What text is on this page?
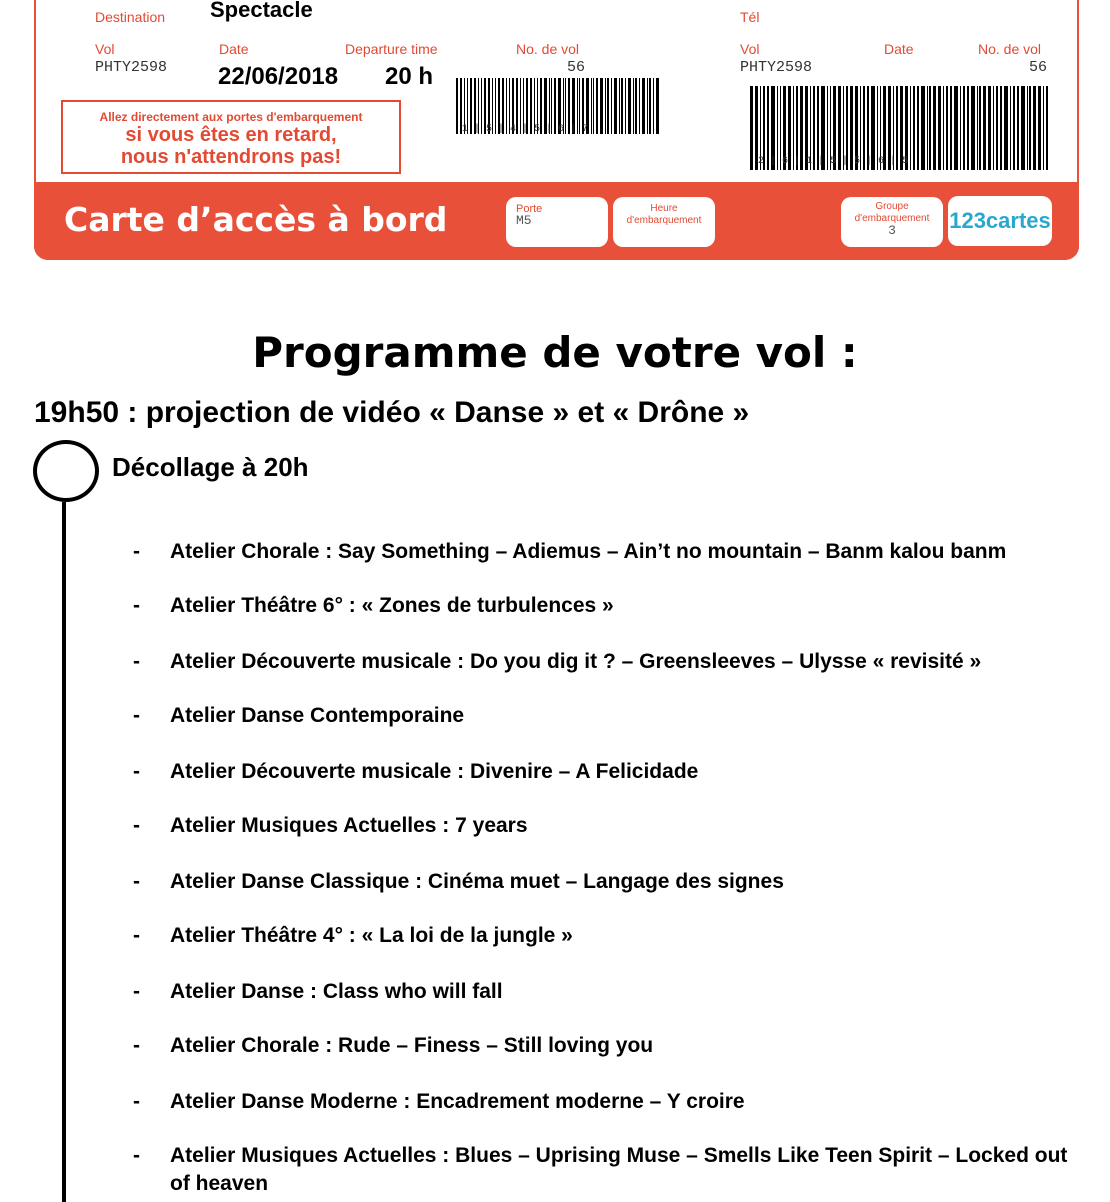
Destination Spectacle	Tél
Vol
PHTY2598
Date
22/06/2018
Departure time
20 h
No. de vol
56
1 | 5 | 4 | 5 | 6 | 7
Vol
PHTY2598
Date	No. de vol
56
2 | 6 | 1 | 5 | 5 | 6 | 5
Allez directement aux portes d'embarquement
si vous êtes en retard,
nous n'attendrons pas!
Carte d’accès à bord	Porte
M5
Heure d'embarquement
Groupe d'embarquement
3	123cartes
Programme de votre vol :
19h50 : projection de vidéo « Danse » et « Drône »
Décollage à 20h
- Atelier Chorale : Say Something – Adiemus – Ain’t no mountain – Banm kalou banm
- Atelier Théâtre 6° : « Zones de turbulences »
- Atelier Découverte musicale : Do you dig it ? – Greensleeves – Ulysse « revisité »
- Atelier Danse Contemporaine
- Atelier Découverte musicale : Divenire – A Felicidade
- Atelier Musiques Actuelles : 7 years
- Atelier Danse Classique : Cinéma muet – Langage des signes
- Atelier Théâtre 4° : « La loi de la jungle »
- Atelier Danse : Class who will fall
- Atelier Chorale : Rude – Finess – Still loving you
- Atelier Danse Moderne : Encadrement moderne – Y croire
- Atelier Musiques Actuelles : Blues – Uprising Muse – Smells Like Teen Spirit – Locked out of heaven
